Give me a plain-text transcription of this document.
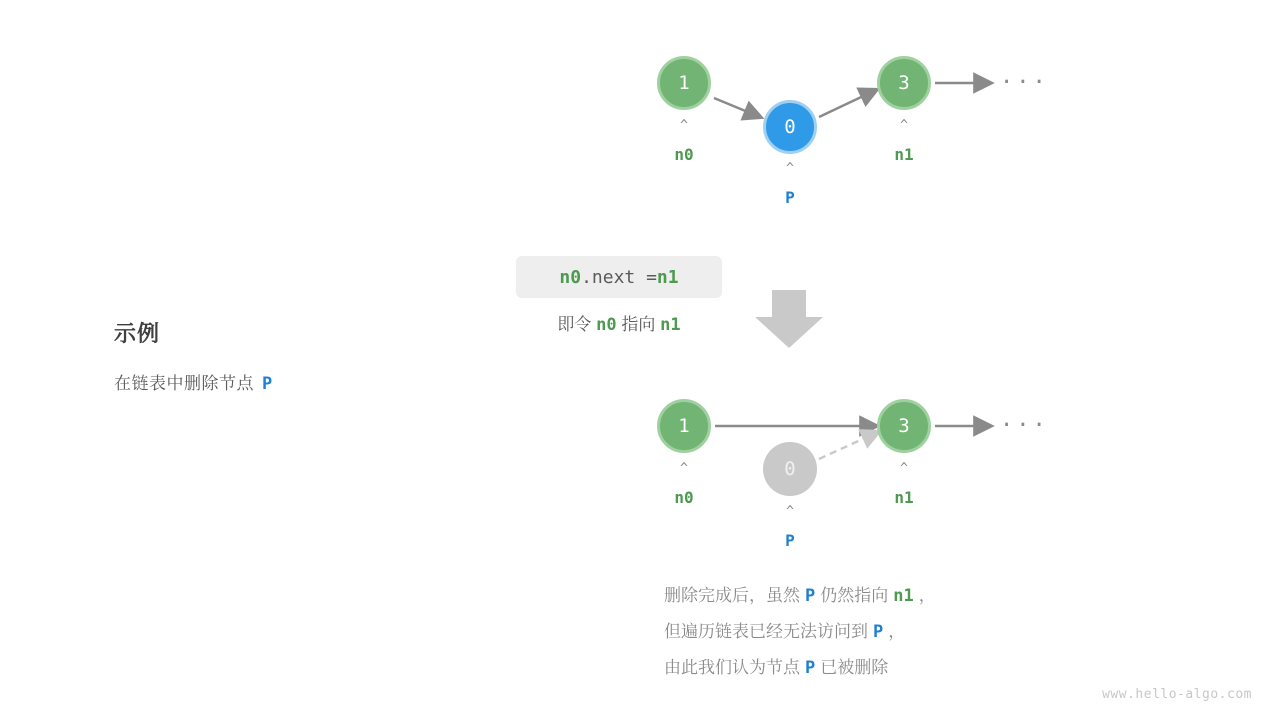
示例
在链表中删除节点 P
1
0
3	···
^
n0
^
P
^
n1
n0 .next = n1
即令 n0 指向 n1
1
0
3	···
^
n0
^
P
^
n1
删除完成后，虽然 P 仍然指向 n1 ，
但遍历链表已经无法访问到 P ，
由此我们认为节点 P 已被删除
www.hello-algo.com
